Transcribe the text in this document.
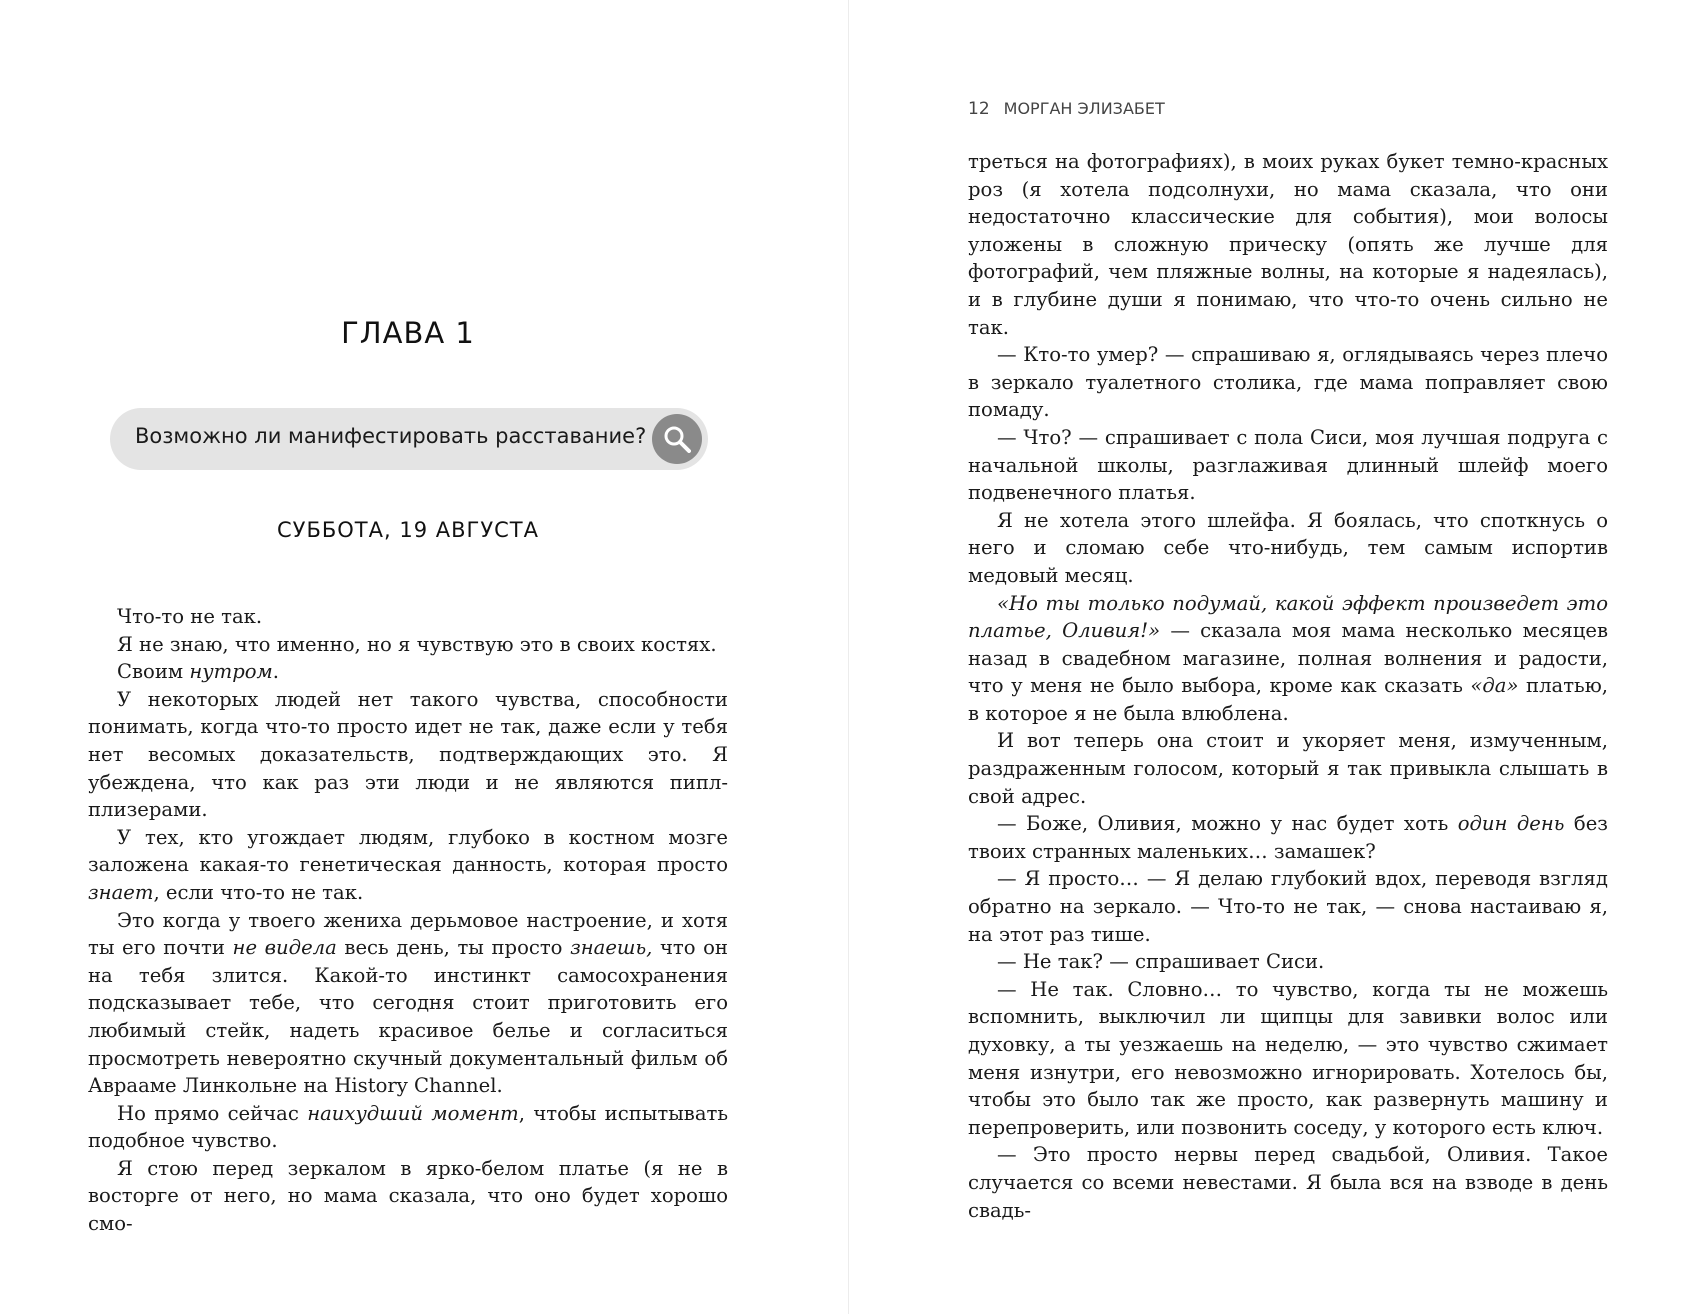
ГЛАВА 1
Возможно ли манифестировать расставание?
СУББОТА, 19 АВГУСТА

Что-то не так.

Я не знаю, что именно, но я чувствую это в своих костях.

Своим нутром.

У некоторых людей нет такого чувства, способности понимать, когда что-то просто идет не так, даже если у тебя нет весомых доказательств, подтверждающих это. Я убеждена, что как раз эти люди и не являются пипл-плизерами.

У тех, кто угождает людям, глубоко в костном мозге заложена какая-то генетическая данность, которая просто знает, если что-то не так.

Это когда у твоего жениха дерьмовое настроение, и хотя ты его почти не видела весь день, ты просто знаешь, что он на тебя злится. Какой-то инстинкт самосохранения подсказывает тебе, что сегодня стоит приготовить его любимый стейк, надеть красивое белье и согласиться просмотреть невероятно скучный документальный фильм об Аврааме Линкольне на History Channel.

Но прямо сейчас наихудший момент, чтобы испытывать подобное чувство.

Я стою перед зеркалом в ярко-белом платье (я не в восторге от него, но мама сказала, что оно будет хорошо смо-

12 МОРГАН ЭЛИЗАБЕТ

треться на фотографиях), в моих руках букет темно-красных роз (я хотела подсолнухи, но мама сказала, что они недостаточно классические для события), мои волосы уложены в сложную прическу (опять же лучше для фотографий, чем пляжные волны, на которые я надеялась), и в глубине души я понимаю, что что-то очень сильно не так.

— Кто-то умер? — спрашиваю я, оглядываясь через плечо в зеркало туалетного столика, где мама поправляет свою помаду.

— Что? — спрашивает с пола Сиси, моя лучшая подруга с начальной школы, разглаживая длинный шлейф моего подвенечного платья.

Я не хотела этого шлейфа. Я боялась, что споткнусь о него и сломаю себе что-нибудь, тем самым испортив медовый месяц.

«Но ты только подумай, какой эффект произведет это платье, Оливия!» — сказала моя мама несколько месяцев назад в свадебном магазине, полная волнения и радости, что у меня не было выбора, кроме как сказать «да» платью, в которое я не была влюблена.

И вот теперь она стоит и укоряет меня, измученным, раздраженным голосом, который я так привыкла слышать в свой адрес.

— Боже, Оливия, можно у нас будет хоть один день без твоих странных маленьких… замашек?

— Я просто… — Я делаю глубокий вдох, переводя взгляд обратно на зеркало. — Что-то не так, — снова настаиваю я, на этот раз тише.

— Не так? — спрашивает Сиси.

— Не так. Словно… то чувство, когда ты не можешь вспомнить, выключил ли щипцы для завивки волос или духовку, а ты уезжаешь на неделю, — это чувство сжимает меня изнутри, его невозможно игнорировать. Хотелось бы, чтобы это было так же просто, как развернуть машину и перепроверить, или позвонить соседу, у которого есть ключ.

— Это просто нервы перед свадьбой, Оливия. Такое случается со всеми невестами. Я была вся на взводе в день свадь-
